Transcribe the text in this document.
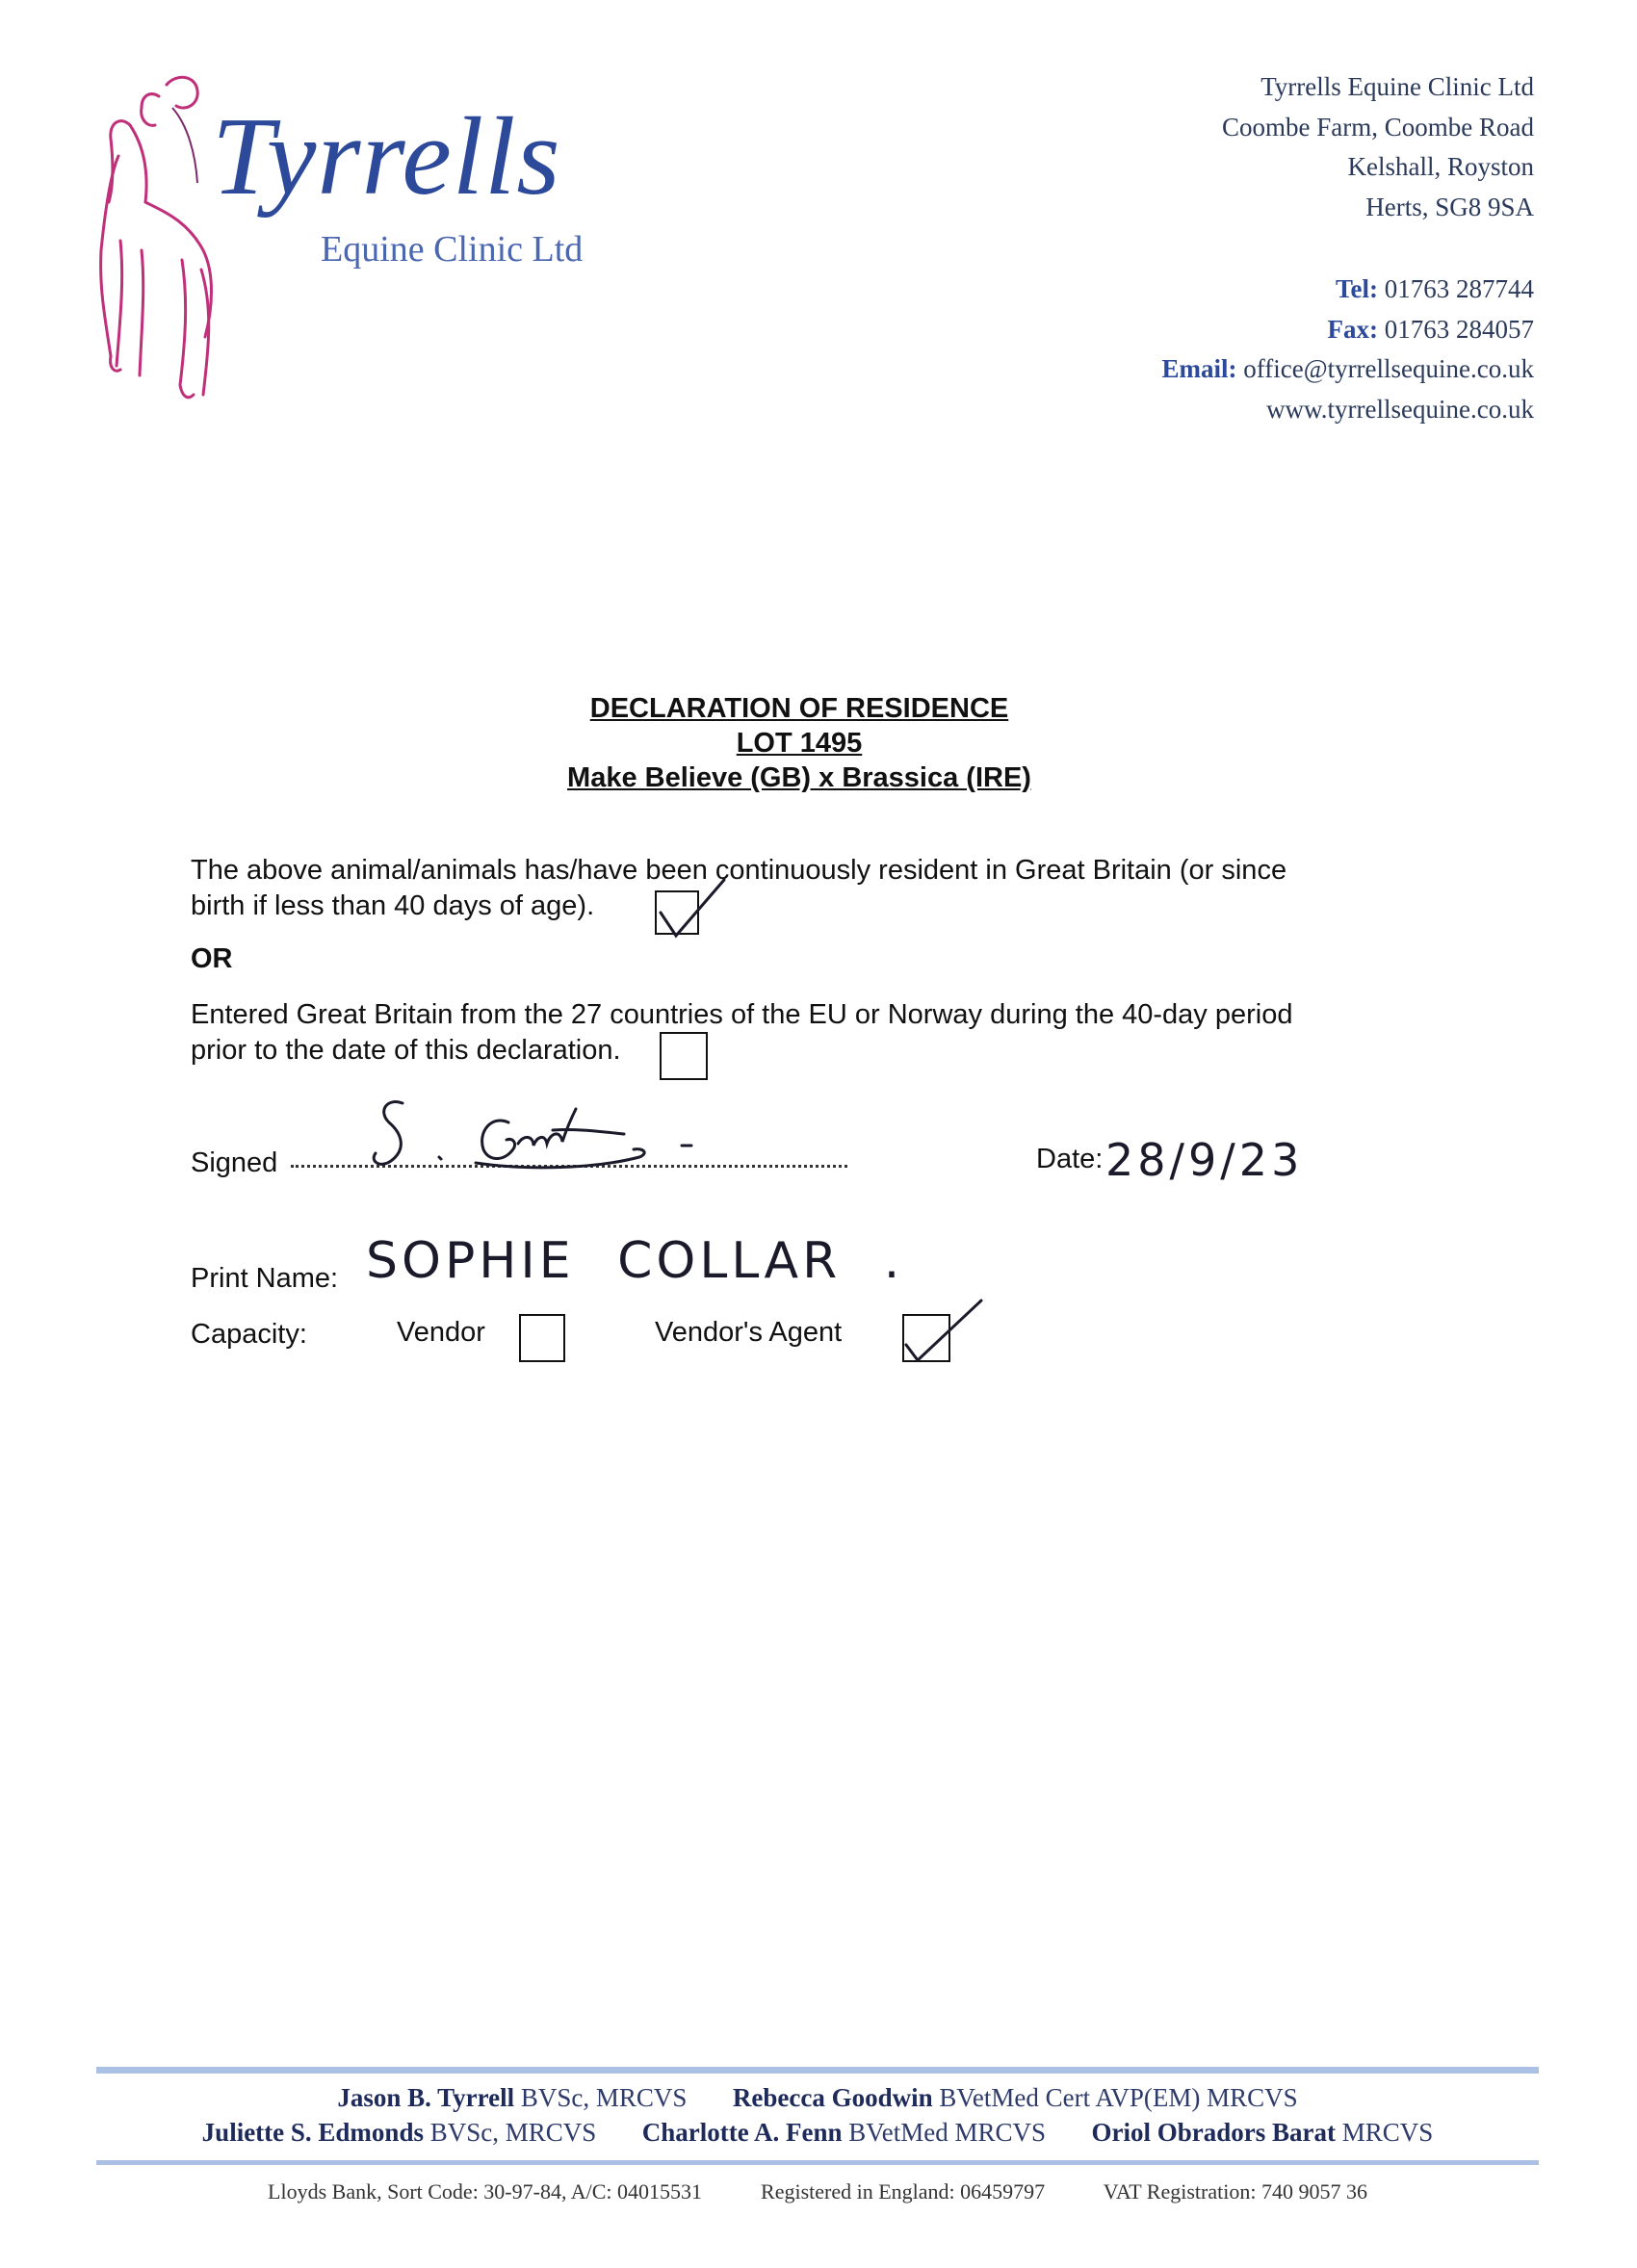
Tyrrells
Equine Clinic Ltd
Tyrrells Equine Clinic Ltd
Coombe Farm, Coombe Road
Kelshall, Royston
Herts, SG8 9SA
Tel: 01763 287744
Fax: 01763 284057
Email: office@tyrrellsequine.co.uk
www.tyrrellsequine.co.uk
DECLARATION OF RESIDENCE
LOT 1495
Make Believe (GB) x Brassica (IRE)
The above animal/animals has/have been continuously resident in Great Britain (or since
birth if less than 40 days of age).
OR
Entered Great Britain from the 27 countries of the EU or Norway during the 40-day period
prior to the date of this declaration.
Signed	Date: 28/9/23
Print Name: SOPHIE COLLAR .
Capacity:	Vendor	Vendor's Agent
Jason B. Tyrrell BVSc, MRCVS Rebecca Goodwin BVetMed Cert AVP(EM) MRCVS
Juliette S. Edmonds BVSc, MRCVS Charlotte A. Fenn BVetMed MRCVS Oriol Obradors Barat MRCVS
Lloyds Bank, Sort Code: 30-97-84, A/C: 04015531	Registered in England: 06459797	VAT Registration: 740 9057 36
